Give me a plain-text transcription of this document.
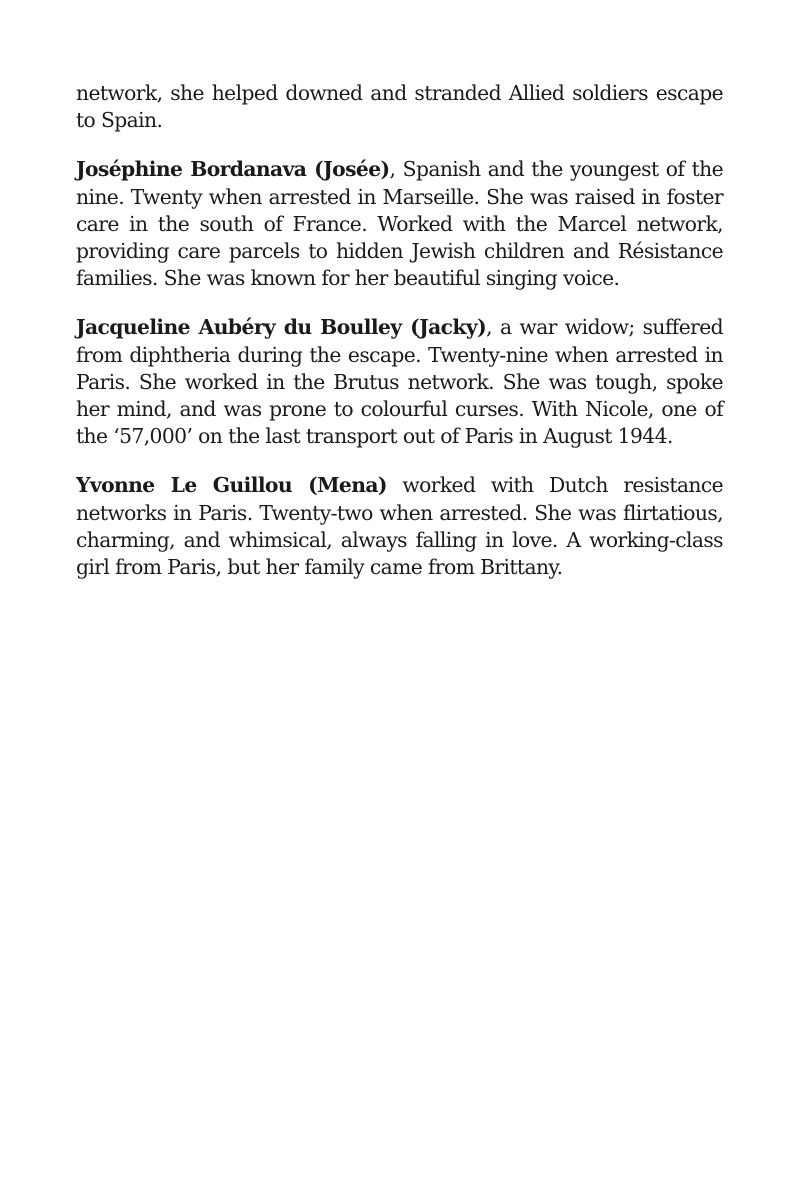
network, she helped downed and stranded Allied soldiers escape to Spain.

Joséphine Bordanava (Josée), Spanish and the youngest of the nine. Twenty when arrested in Marseille. She was raised in foster care in the south of France. Worked with the Marcel network, providing care parcels to hidden Jewish children and Résistance families. She was known for her beautiful singing voice.

Jacqueline Aubéry du Boulley (Jacky), a war widow; suffered from diphtheria during the escape. Twenty-nine when arrested in Paris. She worked in the Brutus network. She was tough, spoke her mind, and was prone to colourful curses. With Nicole, one of the ‘57,000’ on the last transport out of Paris in August 1944.

Yvonne Le Guillou (Mena) worked with Dutch resistance networks in Paris. Twenty-two when arrested. She was flirtatious, charming, and whimsical, always falling in love. A working-class girl from Paris, but her family came from Brittany.
